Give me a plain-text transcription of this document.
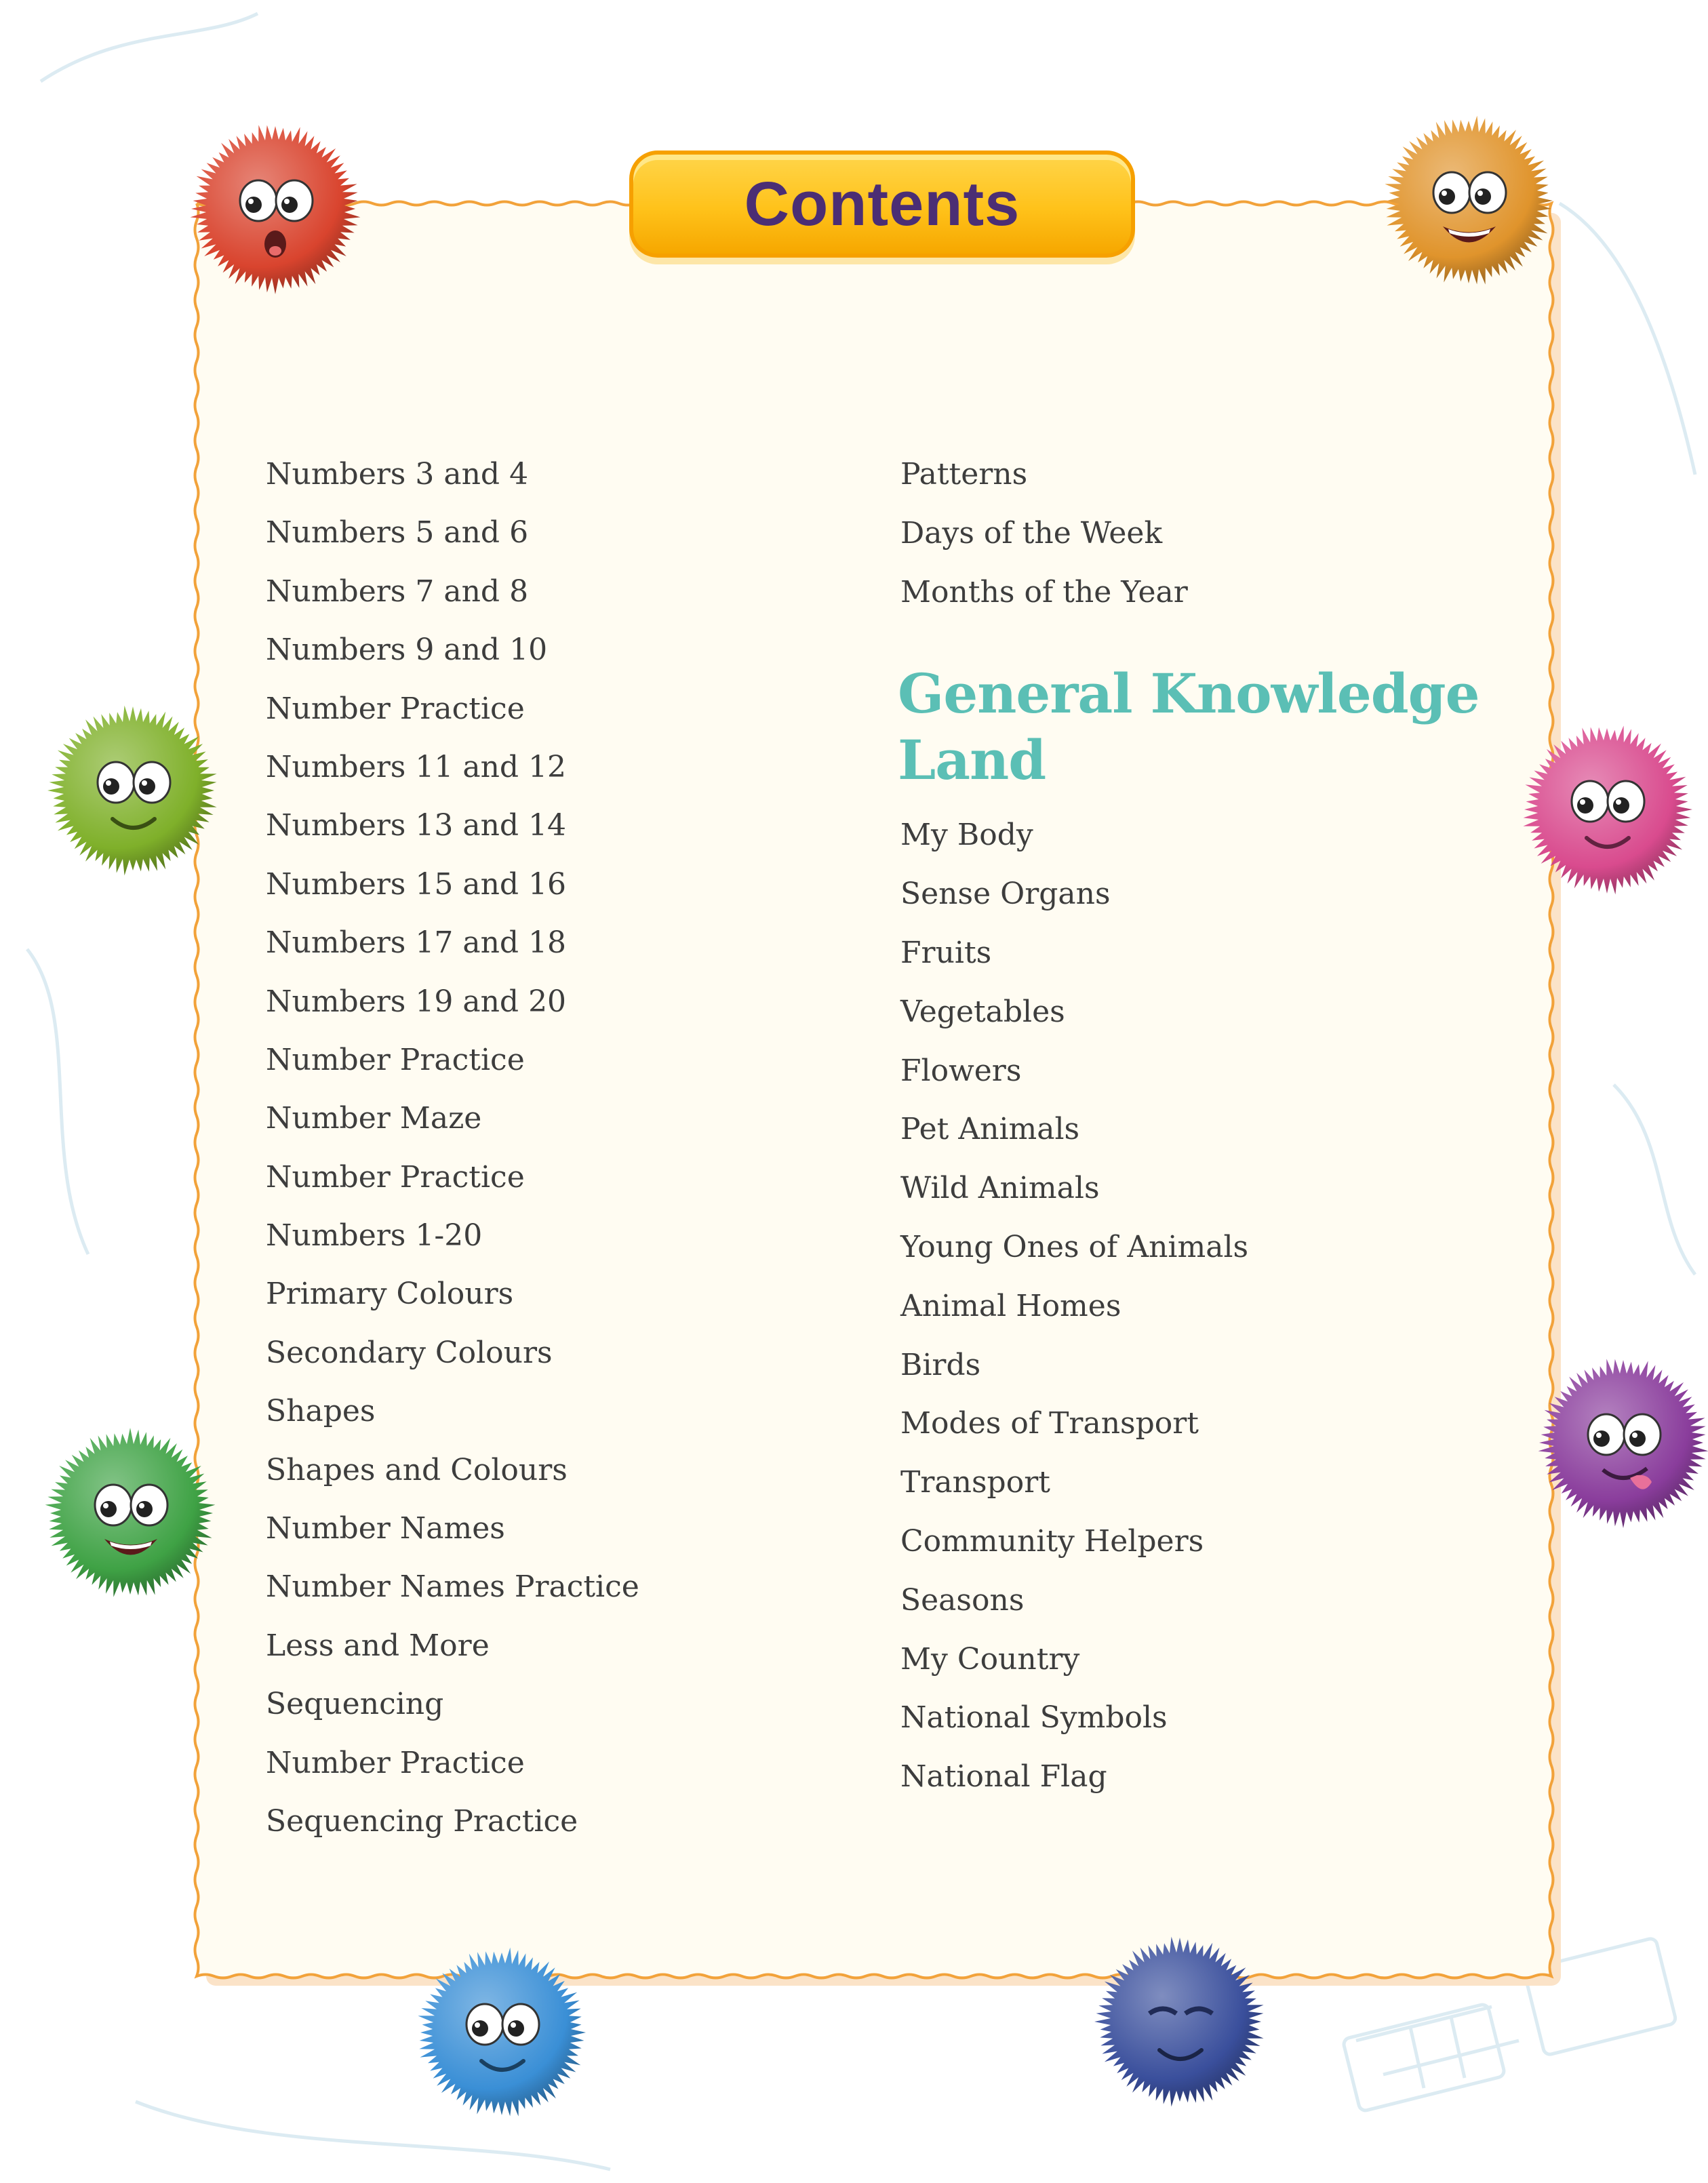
Contents
Numbers 3 and 4
Numbers 5 and 6
Numbers 7 and 8
Numbers 9 and 10
Number Practice
Numbers 11 and 12
Numbers 13 and 14
Numbers 15 and 16
Numbers 17 and 18
Numbers 19 and 20
Number Practice
Number Maze
Number Practice
Numbers 1-20
Primary Colours
Secondary Colours
Shapes
Shapes and Colours
Number Names
Number Names Practice
Less and More
Sequencing
Number Practice
Sequencing Practice
Patterns
Days of the Week
Months of the Year
General Knowledge
Land
My Body
Sense Organs
Fruits
Vegetables
Flowers
Pet Animals
Wild Animals
Young Ones of Animals
Animal Homes
Birds
Modes of Transport
Transport
Community Helpers
Seasons
My Country
National Symbols
National Flag
